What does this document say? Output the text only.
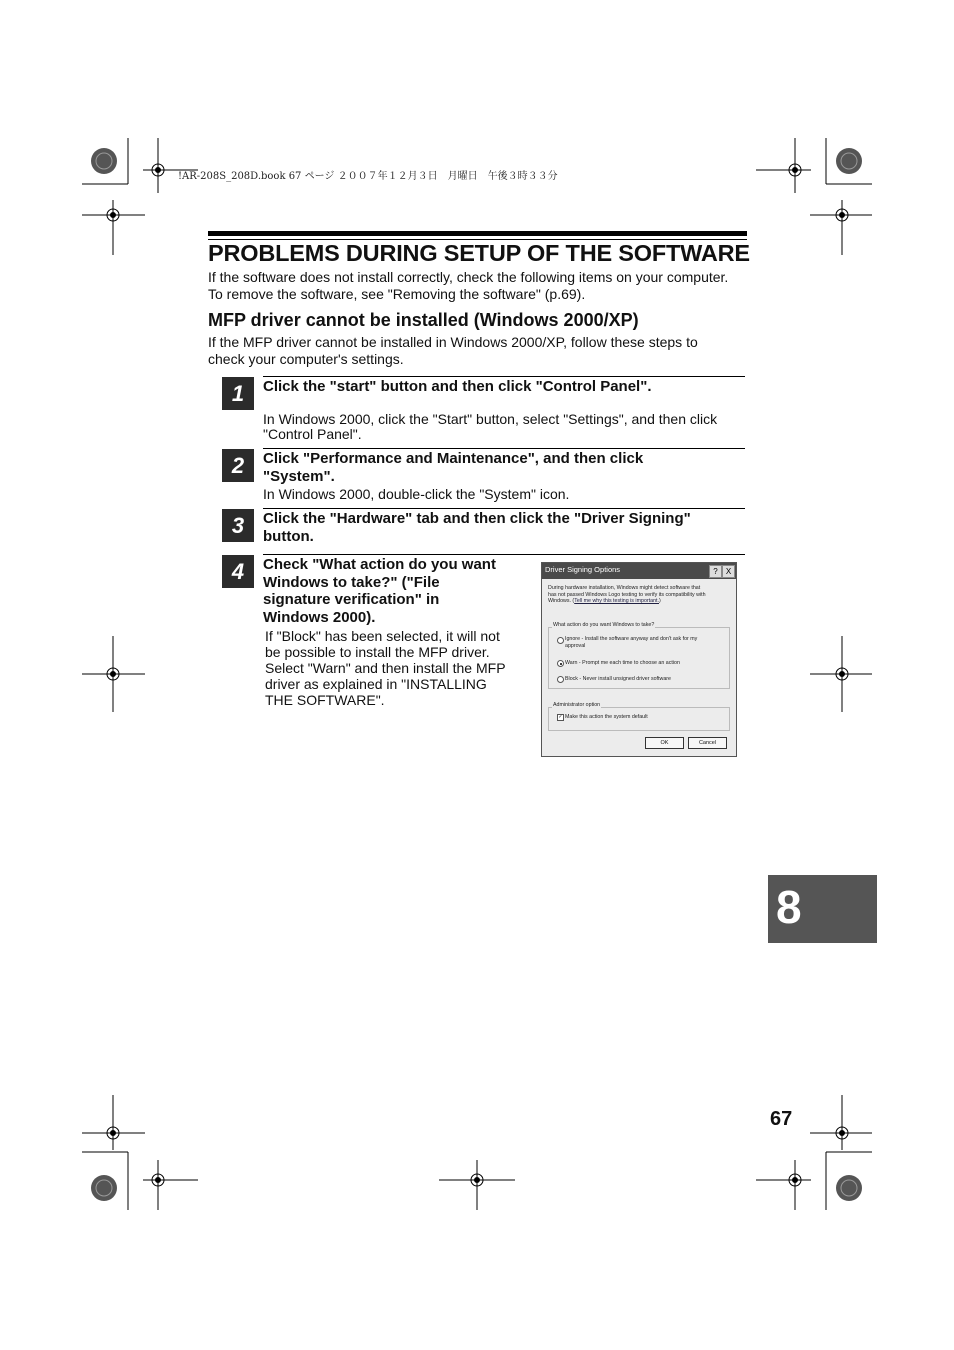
!AR-208S_208D.book 67 ページ ２００７年１２月３日　月曜日　午後３時３３分
PROBLEMS DURING SETUP OF THE SOFTWARE
If the software does not install correctly, check the following items on your computer.
To remove the software, see "Removing the software" (p.69).
MFP driver cannot be installed (Windows 2000/XP)
If the MFP driver cannot be installed in Windows 2000/XP, follow these steps to
check your computer's settings.
1	Click the "start" button and then click "Control Panel".
In Windows 2000, click the "Start" button, select "Settings", and then click
"Control Panel".
2	Click "Performance and Maintenance", and then click
"System".
In Windows 2000, double-click the "System" icon.
3	Click the "Hardware" tab and then click the "Driver Signing"
button.
4	Check "What action do you want
Windows to take?" ("File
signature verification" in
Windows 2000).
If "Block" has been selected, it will not
be possible to install the MFP driver.
Select "Warn" and then install the MFP
driver as explained in "INSTALLING
THE SOFTWARE".
Driver Signing Options	?	X
During hardware installation, Windows might detect software that
has not passed Windows Logo testing to verify its compatibility with
Windows. (Tell me why this testing is important.)
What action do you want Windows to take?
Ignore - Install the software anyway and don't ask for my
approval
Warn - Prompt me each time to choose an action
Block - Never install unsigned driver software
Administrator option
✓ Make this action the system default
OK	Cancel
8
67
